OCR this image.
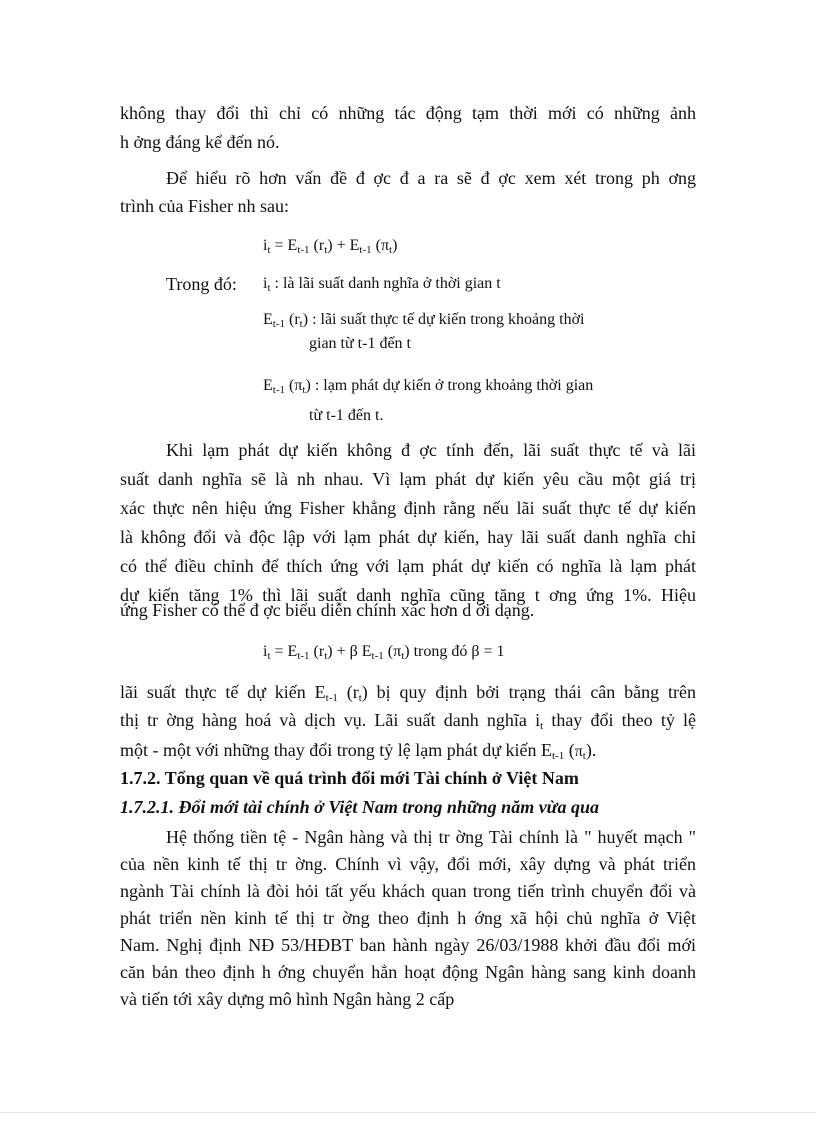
không thay đổi thì chỉ có những tác động tạm thời mới có những ảnh
h ởng đáng kể đến nó.
Để hiểu rõ hơn vấn đề đ ợc đ a ra sẽ đ ợc xem xét trong ph ơng
trình của Fisher nh sau:
$i_t = E_{t-1}$ $(r_t) + E_{t-1}$ $(\pi_t)$
Trong đó: $i_t$ : là lãi suất danh nghĩa ở thời gian t
$E_{t-1}$ $(r_t)$ : lãi suất thực tế dự kiến trong khoảng thời
gian từ t-1 đến t
$E_{t-1}$ $(\pi_t)$ : lạm phát dự kiến ở trong khoảng thời gian
từ t-1 đến t.
Khi lạm phát dự kiến không đ ợc tính đến, lãi suất thực tế và lãi
suất danh nghĩa sẽ là nh nhau. Vì lạm phát dự kiến yêu cầu một giá trị
xác thực nên hiệu ứng Fisher khẳng định rằng nếu lãi suất thực tế dự kiến
là không đổi và độc lập với lạm phát dự kiến, hay lãi suất danh nghĩa chỉ
có thể điều chỉnh để thích ứng với lạm phát dự kiến có nghĩa là lạm phát
dự kiến tăng 1% thì lãi suất danh nghĩa cũng tăng t ơng ứng 1%. Hiệu
ứng Fisher có thể đ ợc biểu diễn chính xác hơn d ới dạng.
$i_t = E_{t-1}$ $(r_t) + \beta$ $E_{t-1}$ $(\pi_t)$ trong đó β = 1
lãi suất thực tế dự kiến $E_{t-1}$ $(r_t)$ bị quy định bởi trạng thái cân bằng trên
thị tr ờng hàng hoá và dịch vụ. Lãi suất danh nghĩa $i_t$ thay đổi theo tỷ lệ
một - một với những thay đổi trong tỷ lệ lạm phát dự kiến $E_{t-1}$ $(\pi_t)$.
1.7.2. Tổng quan về quá trình đổi mới Tài chính ở Việt Nam
1.7.2.1. Đổi mới tài chính ở Việt Nam trong những năm vừa qua
Hệ thống tiền tệ - Ngân hàng và thị tr ờng Tài chính là " huyết mạch "
của nền kinh tế thị tr ờng. Chính vì vậy, đổi mới, xây dựng và phát triển
ngành Tài chính là đòi hỏi tất yếu khách quan trong tiến trình chuyển đổi và
phát triển nền kinh tế thị tr ờng theo định h ớng xã hội chủ nghĩa ở Việt
Nam. Nghị định NĐ 53/HĐBT ban hành ngày 26/03/1988 khởi đầu đổi mới
căn bản theo định h ớng chuyển hẳn hoạt động Ngân hàng sang kinh doanh
và tiến tới xây dựng mô hình Ngân hàng 2 cấp
